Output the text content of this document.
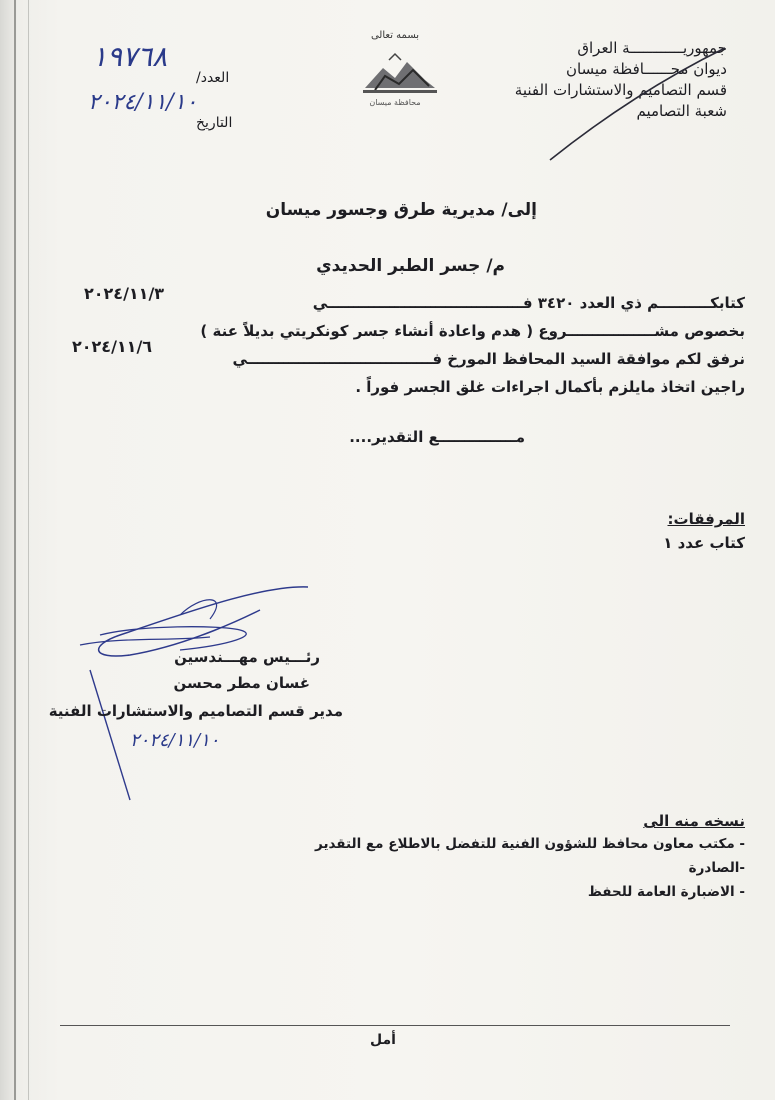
جمهوريــــــــــــة العراق
ديوان محــــــافظة ميسان
قسم التصاميم والاستشارات الفنية
شعبة التصاميم
بسمه تعالى
محافظة ميسان
العدد/
١٩٧٦٨
التاريخ
٢٠٢٤/١١/١٠
إلى/ مديرية طرق وجسور ميسان
م/ جسر الطبر الحديدي
كتابكــــــــــم ذي العدد ٣٤٢٠ فــــــــــــــــــــــــــــــــــــــي
٢٠٢٤/١١/٣
بخصوص مشـــــــــــــــــروع ( هدم واعادة أنشاء جسر كونكريتي بديلاً عنة )
نرفق لكم موافقة السيد المحافظ المورخ فــــــــــــــــــــــــــــــــــــي
٢٠٢٤/١١/٦
راجين اتخاذ مايلزم بأكمال اجراءات غلق الجسر فوراً .
مـــــــــــــــع التقدير....
المرفقات:
كتاب عدد ١
رئـــيس مهـــندسين
غسان مطر محسن
مدير قسم التصاميم والاستشارات الفنية
٢٠٢٤/١١/١٠
نسخه منه الى
- مكتب معاون محافظ للشؤون الفنية للتفضل بالاطلاع مع التقدير
-الصادرة
- الاضبارة العامة للحفظ
أمل
